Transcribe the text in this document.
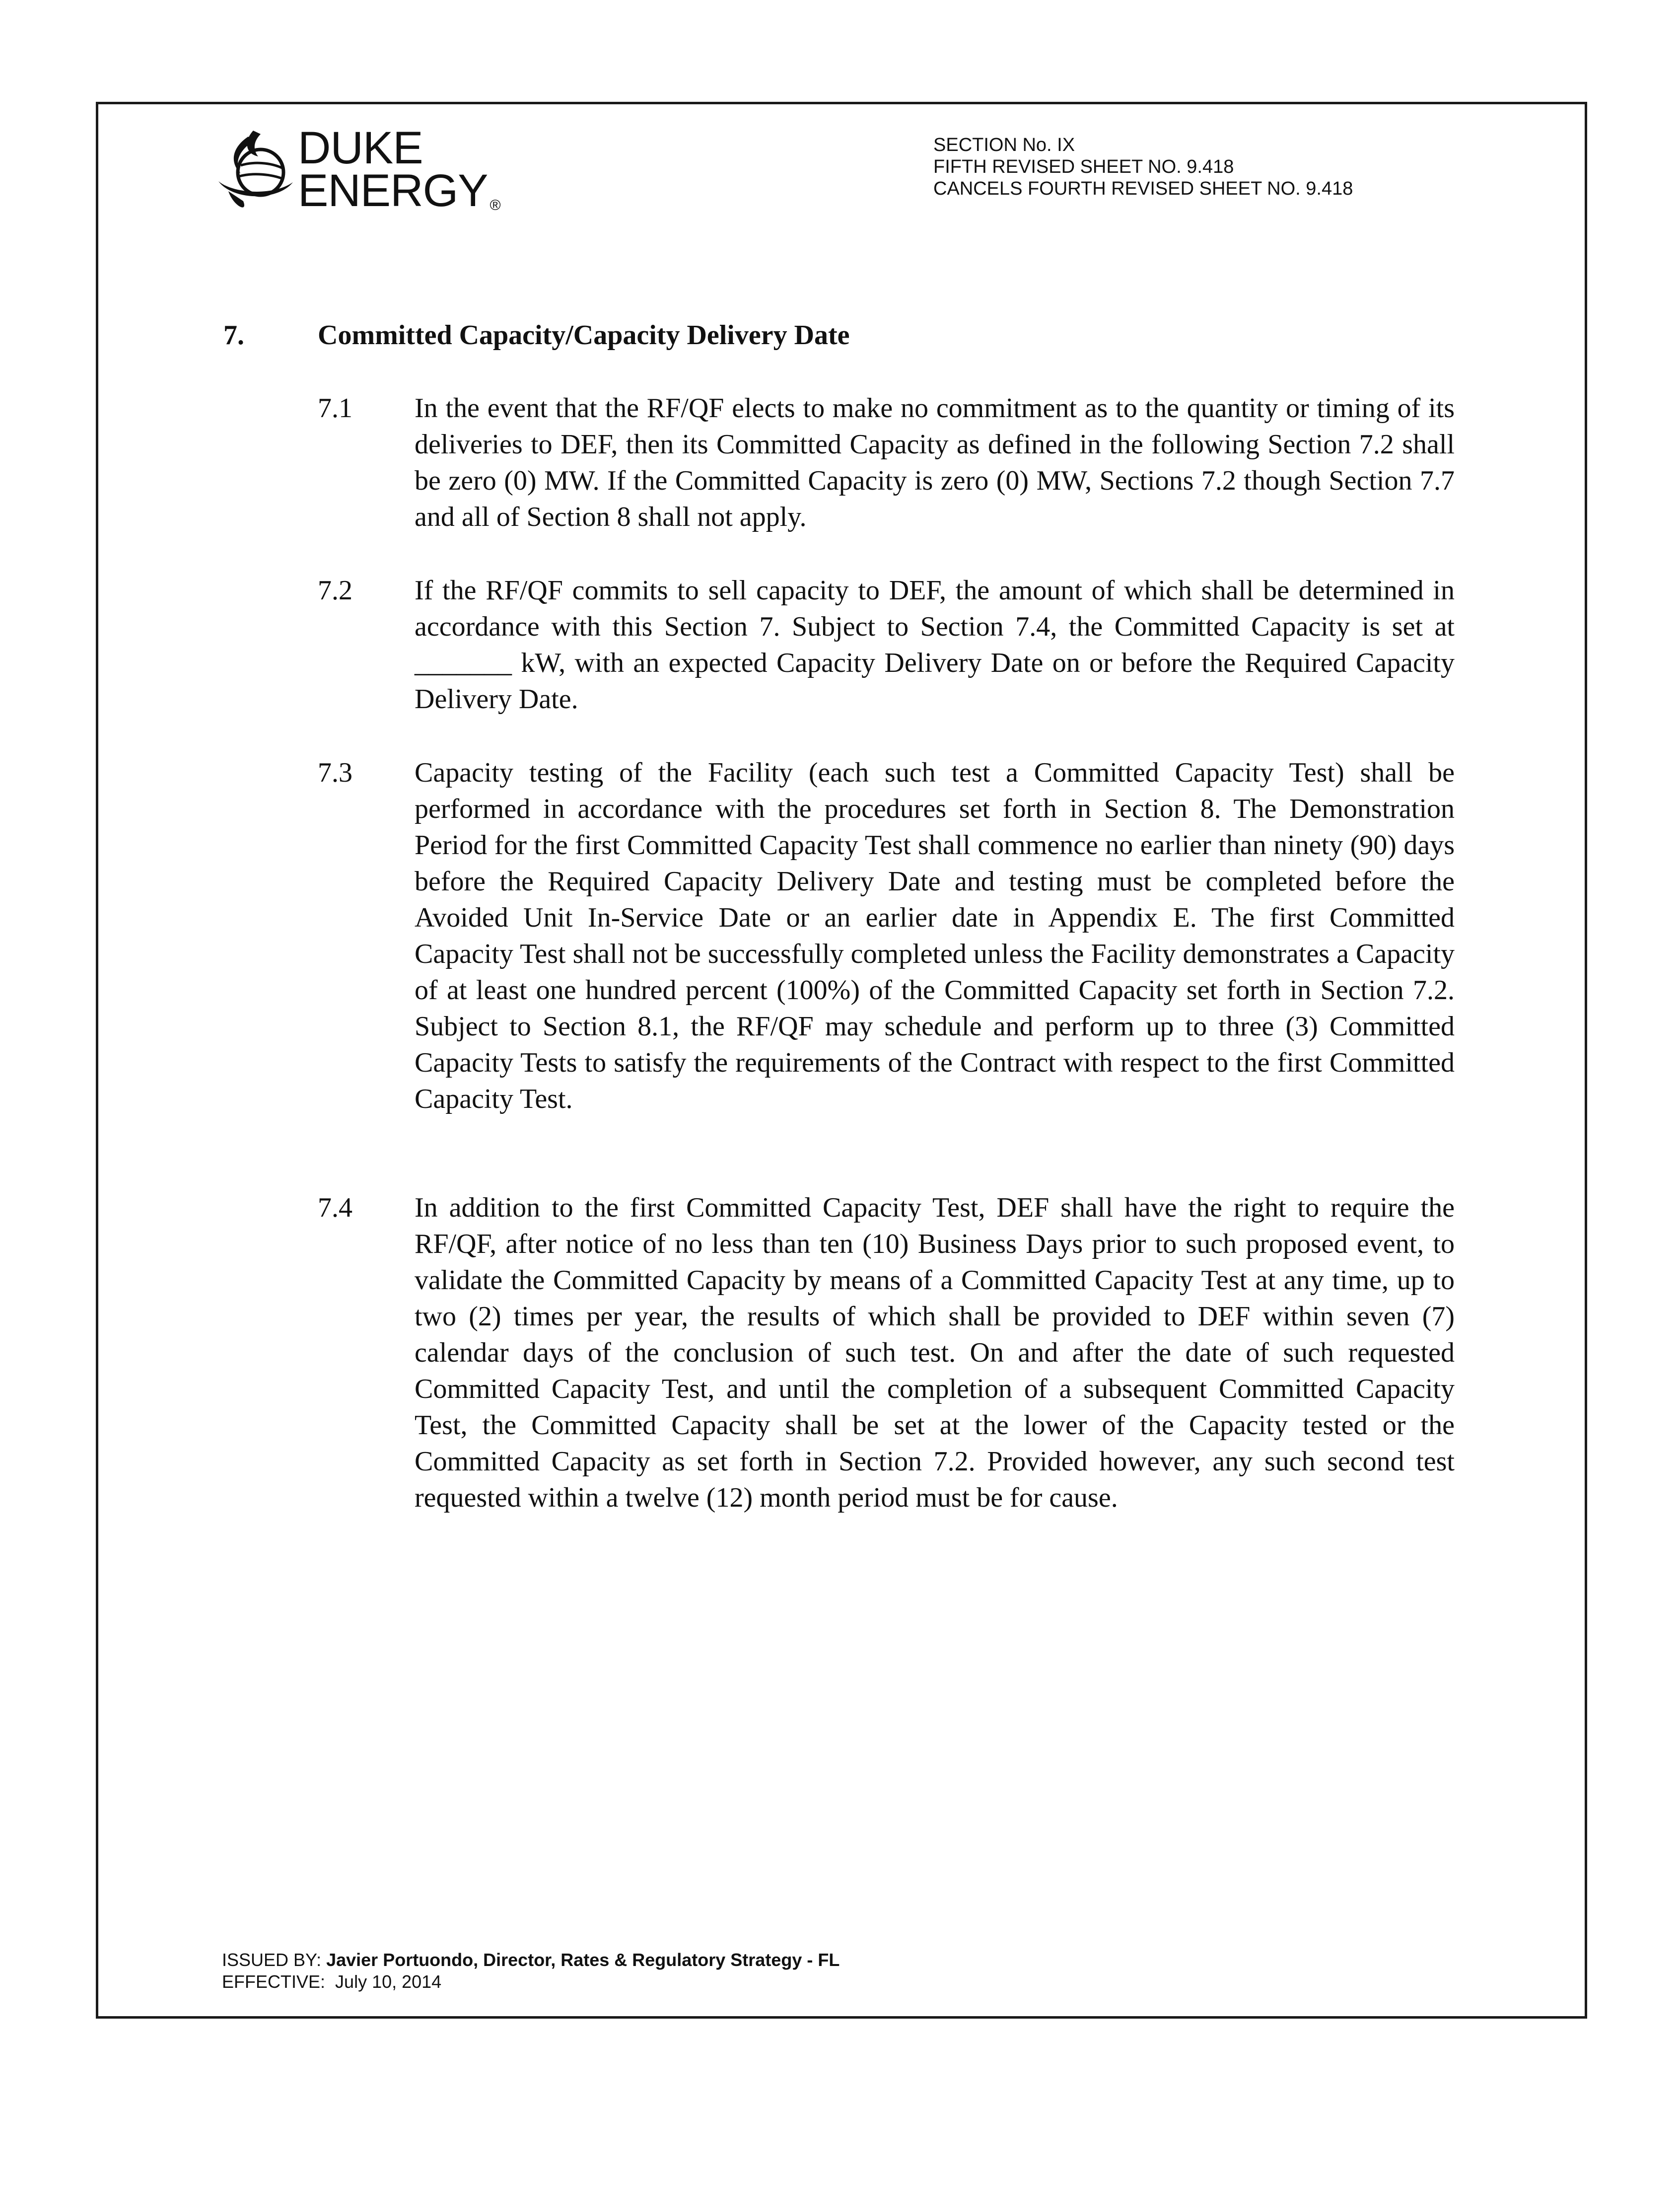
DUKE
ENERGY ®
SECTION No. IX
FIFTH REVISED SHEET NO. 9.418
CANCELS FOURTH REVISED SHEET NO. 9.418
7.	Committed Capacity/Capacity Delivery Date
7.1 In the event that the RF/QF elects to make no commitment as to the quantity or timing of its deliveries to DEF, then its Committed Capacity as defined in the following Section 7.2 shall be zero (0) MW. If the Committed Capacity is zero (0) MW, Sections 7.2 though Section 7.7 and all of Section 8 shall not apply.
7.2 If the RF/QF commits to sell capacity to DEF, the amount of which shall be determined in accordance with this Section 7. Subject to Section 7.4, the Committed Capacity is set at _______ kW, with an expected Capacity Delivery Date on or before the Required Capacity Delivery Date.
7.3 Capacity testing of the Facility (each such test a Committed Capacity Test) shall be performed in accordance with the procedures set forth in Section 8. The Demonstration Period for the first Committed Capacity Test shall commence no earlier than ninety (90) days before the Required Capacity Delivery Date and testing must be completed before the Avoided Unit In-Service Date or an earlier date in Appendix E. The first Committed Capacity Test shall not be successfully completed unless the Facility demonstrates a Capacity of at least one hundred percent (100%) of the Committed Capacity set forth in Section 7.2. Subject to Section 8.1, the RF/QF may schedule and perform up to three (3) Committed Capacity Tests to satisfy the requirements of the Contract with respect to the first Committed Capacity Test.
7.4 In addition to the first Committed Capacity Test, DEF shall have the right to require the RF/QF, after notice of no less than ten (10) Business Days prior to such proposed event, to validate the Committed Capacity by means of a Committed Capacity Test at any time, up to two (2) times per year, the results of which shall be provided to DEF within seven (7) calendar days of the conclusion of such test. On and after the date of such requested Committed Capacity Test, and until the completion of a subsequent Committed Capacity Test, the Committed Capacity shall be set at the lower of the Capacity tested or the Committed Capacity as set forth in Section 7.2. Provided however, any such second test requested within a twelve (12) month period must be for cause.
ISSUED BY: Javier Portuondo, Director, Rates & Regulatory Strategy - FL
EFFECTIVE: July 10, 2014
